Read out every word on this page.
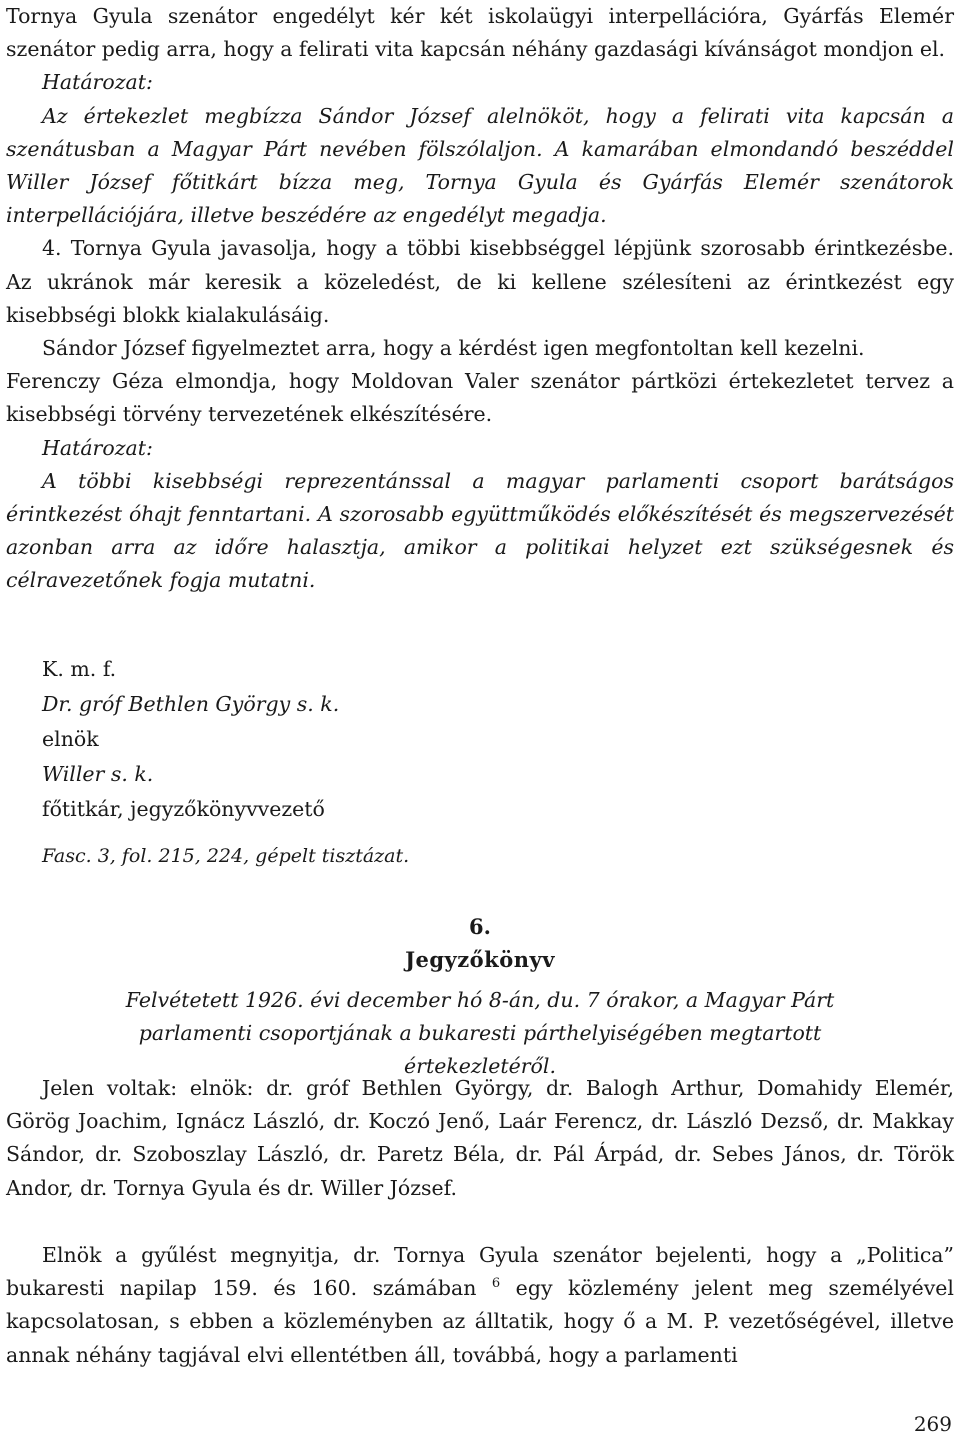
Tornya Gyula szenátor engedélyt kér két iskolaügyi interpellációra, Gyárfás Elemér szenátor pedig arra, hogy a felirati vita kapcsán néhány gazdasági kívánságot mondjon el.

Határozat:

Az értekezlet megbízza Sándor József alelnököt, hogy a felirati vita kapcsán a szenátusban a Magyar Párt nevében fölszólaljon. A kamarában elmondandó beszéddel Willer József főtitkárt bízza meg, Tornya Gyula és Gyárfás Elemér szenátorok interpellációjára, illetve beszédére az engedélyt megadja.

4. Tornya Gyula javasolja, hogy a többi kisebbséggel lépjünk szorosabb érintkezésbe. Az ukránok már keresik a közeledést, de ki kellene szélesíteni az érintkezést egy kisebbségi blokk kialakulásáig.

Sándor József figyelmeztet arra, hogy a kérdést igen megfontoltan kell kezelni.

Ferenczy Géza elmondja, hogy Moldovan Valer szenátor pártközi értekezletet tervez a kisebbségi törvény tervezetének elkészítésére.

Határozat:

A többi kisebbségi reprezentánssal a magyar parlamenti csoport barátságos érintkezést óhajt fenntartani. A szorosabb együttműködés előkészítését és megszervezését azonban arra az időre halasztja, amikor a politikai helyzet ezt szükségesnek és célravezetőnek fogja mutatni.

K. m. f.
Dr. gróf Bethlen György s. k.
elnök
Willer s. k.
főtitkár, jegyzőkönyvvezető
Fasc. 3, fol. 215, 224, gépelt tisztázat.
6.
Jegyzőkönyv
Felvétetett 1926. évi december hó 8-án, du. 7 órakor, a Magyar Párt parlamenti csoportjának a bukaresti párthelyiségében megtartott értekezletéről.

Jelen voltak: elnök: dr. gróf Bethlen György, dr. Balogh Arthur, Domahidy Elemér, Görög Joachim, Ignácz László, dr. Koczó Jenő, Laár Ferencz, dr. László Dezső, dr. Makkay Sándor, dr. Szoboszlay László, dr. Paretz Béla, dr. Pál Árpád, dr. Sebes János, dr. Török Andor, dr. Tornya Gyula és dr. Willer József.

Elnök a gyűlést megnyitja, dr. Tornya Gyula szenátor bejelenti, hogy a „Politica” bukaresti napilap 159. és 160. számában $^6$ egy közlemény jelent meg személyével kapcsolatosan, s ebben a közleményben az álltatik, hogy ő a M. P. vezetőségével, illetve annak néhány tagjával elvi ellentétben áll, továbbá, hogy a parlamenti

269
